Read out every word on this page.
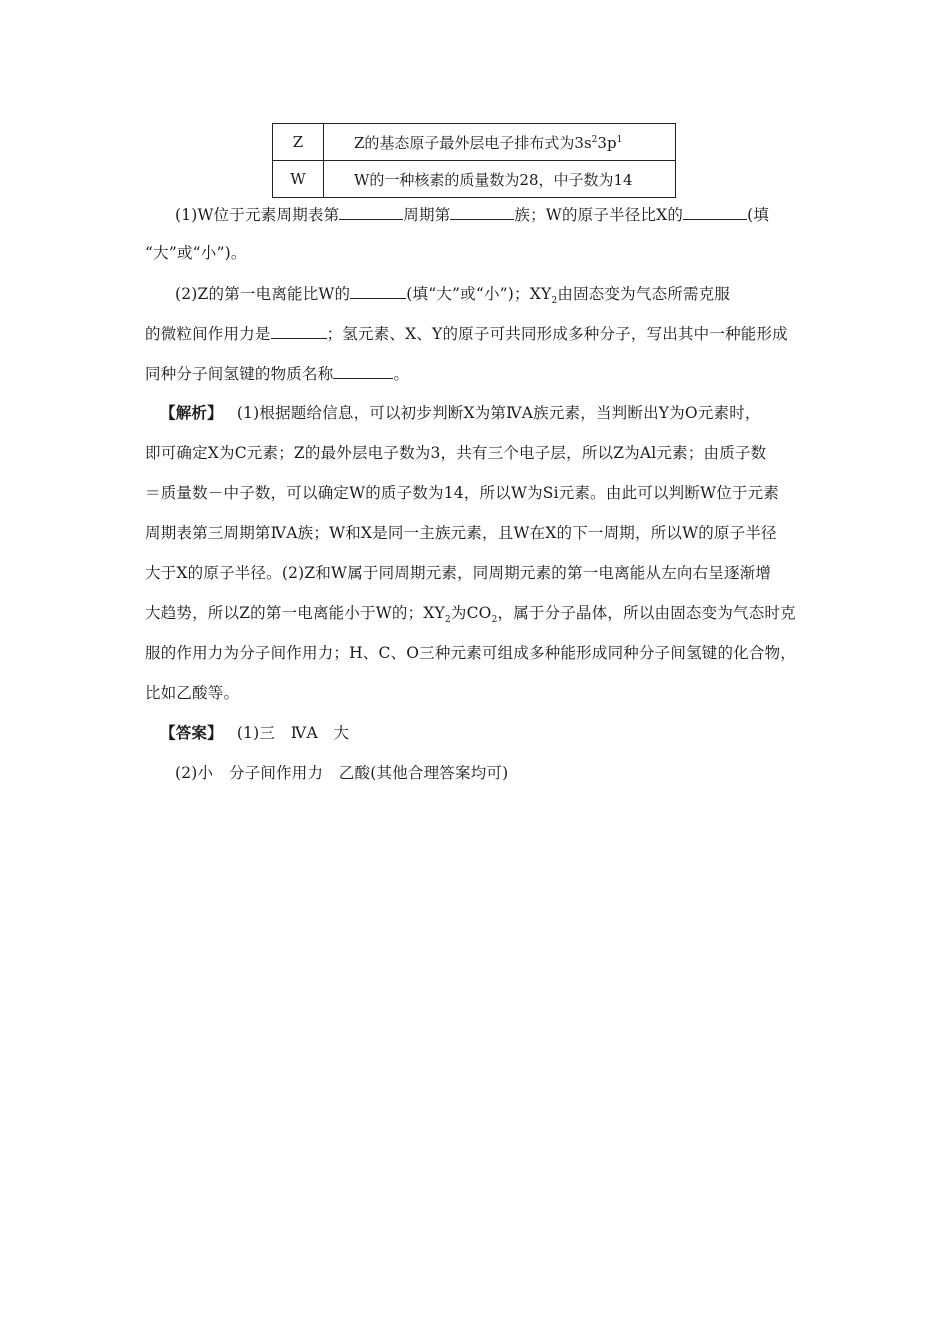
Z	Z的基态原子最外层电子排布式为$3s^23p^1$
W	W的一种核素的质量数为28，中子数为14
(1)W位于元素周期表第	周期第	族；W的原子半径比X的	(填
“大”或“小”)。
(2)Z的第一电离能比W的	(填“大”或“小”)；$XY_2$由固态变为气态所需克服
的微粒间作用力是	；氢元素、X、Y的原子可共同形成多种分子，写出其中一种能形成
同种分子间氢键的物质名称	。
【解析】 (1)根据题给信息，可以初步判断X为第ⅣA族元素，当判断出Y为O元素时，
即可确定X为C元素；Z的最外层电子数为3，共有三个电子层，所以Z为Al元素；由质子数
＝质量数－中子数，可以确定W的质子数为14，所以W为Si元素。由此可以判断W位于元素
周期表第三周期第ⅣA族；W和X是同一主族元素，且W在X的下一周期，所以W的原子半径
大于X的原子半径。(2)Z和W属于同周期元素，同周期元素的第一电离能从左向右呈逐渐增
大趋势，所以Z的第一电离能小于W的；$XY_2$为$CO_2$，属于分子晶体，所以由固态变为气态时克
服的作用力为分子间作用力；H、C、O三种元素可组成多种能形成同种分子间氢键的化合物，
比如乙酸等。
【答案】 (1)三　ⅣA　大
(2)小　分子间作用力　乙酸(其他合理答案均可)
